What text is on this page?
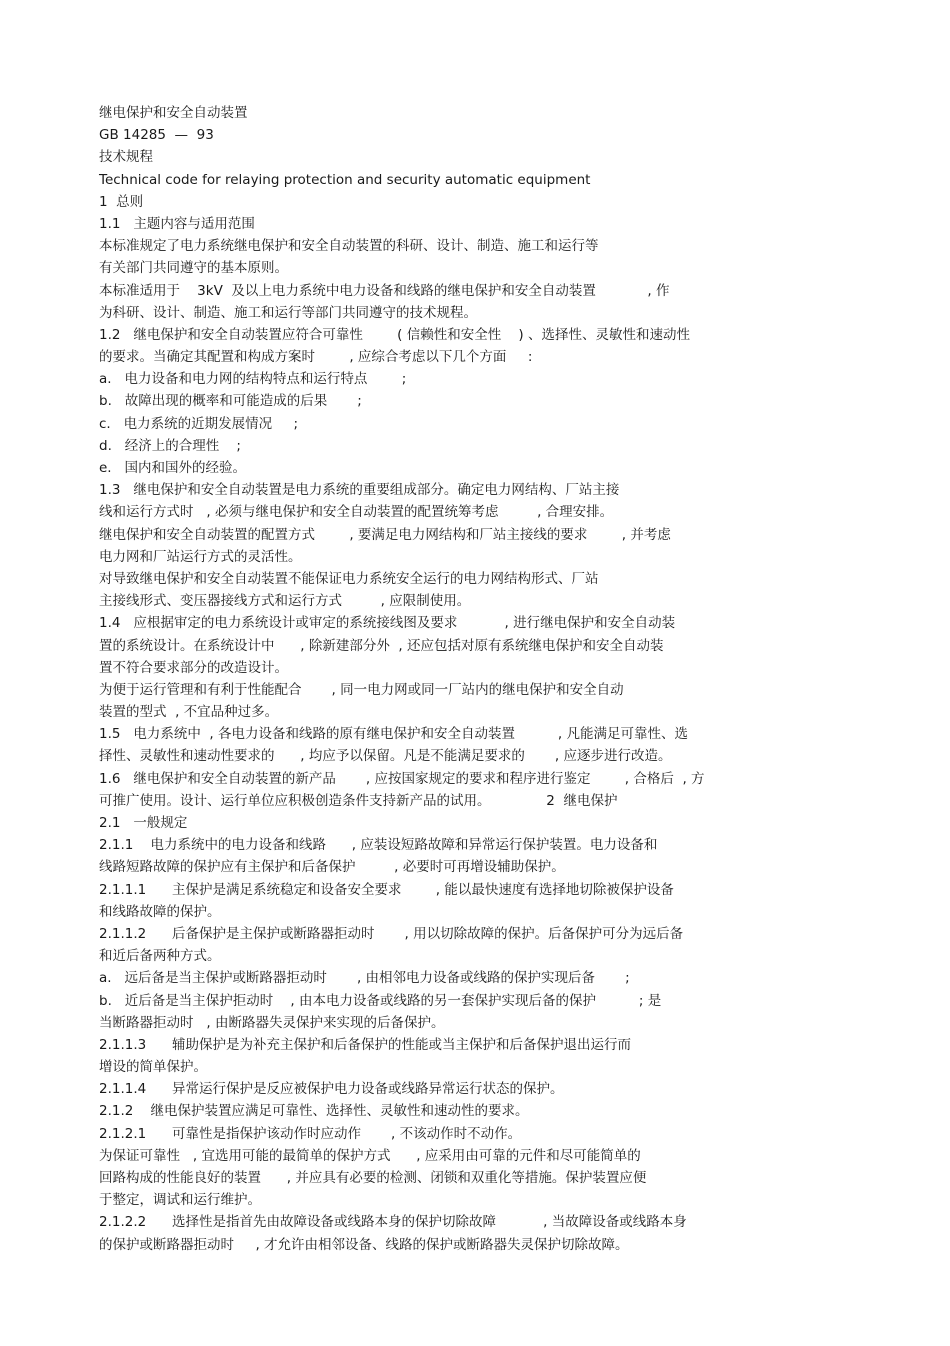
继电保护和安全自动装置
GB 14285  —  93
技术规程
Technical code for relaying protection and security automatic equipment
1  总则
1.1   主题内容与适用范围
本标准规定了电力系统继电保护和安全自动装置的科研、设计、制造、施工和运行等
有关部门共同遵守的基本原则。
本标准适用于    3kV  及以上电力系统中电力设备和线路的继电保护和安全自动装置            , 作
为科研、设计、制造、施工和运行等部门共同遵守的技术规程。
1.2   继电保护和安全自动装置应符合可靠性        ( 信赖性和安全性    ) 、选择性、灵敏性和速动性
的要求。当确定其配置和构成方案时        , 应综合考虑以下几个方面     :
a.   电力设备和电力网的结构特点和运行特点        ;
b.   故障出现的概率和可能造成的后果       ;
c.   电力系统的近期发展情况     ;
d.   经济上的合理性    ;
e.   国内和国外的经验。
1.3   继电保护和安全自动装置是电力系统的重要组成部分。确定电力网结构、厂站主接
线和运行方式时   , 必须与继电保护和安全自动装置的配置统筹考虑         , 合理安排。
继电保护和安全自动装置的配置方式        , 要满足电力网结构和厂站主接线的要求        , 并考虑
电力网和厂站运行方式的灵活性。
对导致继电保护和安全自动装置不能保证电力系统安全运行的电力网结构形式、厂站
主接线形式、变压器接线方式和运行方式         , 应限制使用。
1.4   应根据审定的电力系统设计或审定的系统接线图及要求           , 进行继电保护和安全自动装
置的系统设计。在系统设计中      , 除新建部分外  , 还应包括对原有系统继电保护和安全自动装
置不符合要求部分的改造设计。
为便于运行管理和有利于性能配合       , 同一电力网或同一厂站内的继电保护和安全自动
装置的型式  , 不宜品种过多。
1.5   电力系统中  , 各电力设备和线路的原有继电保护和安全自动装置          , 凡能满足可靠性、选
择性、灵敏性和速动性要求的      , 均应予以保留。凡是不能满足要求的       , 应逐步进行改造。
1.6   继电保护和安全自动装置的新产品       , 应按国家规定的要求和程序进行鉴定        , 合格后  , 方
可推广使用。设计、运行单位应积极创造条件支持新产品的试用。             2  继电保护
2.1   一般规定
2.1.1    电力系统中的电力设备和线路      , 应装设短路故障和异常运行保护装置。电力设备和
线路短路故障的保护应有主保护和后备保护         , 必要时可再增设辅助保护。
2.1.1.1      主保护是满足系统稳定和设备安全要求        , 能以最快速度有选择地切除被保护设备
和线路故障的保护。
2.1.1.2      后备保护是主保护或断路器拒动时       , 用以切除故障的保护。后备保护可分为远后备
和近后备两种方式。
a.   远后备是当主保护或断路器拒动时       , 由相邻电力设备或线路的保护实现后备       ;
b.   近后备是当主保护拒动时    , 由本电力设备或线路的另一套保护实现后备的保护          ; 是
当断路器拒动时   , 由断路器失灵保护来实现的后备保护。
2.1.1.3      辅助保护是为补充主保护和后备保护的性能或当主保护和后备保护退出运行而
增设的简单保护。
2.1.1.4      异常运行保护是反应被保护电力设备或线路异常运行状态的保护。
2.1.2    继电保护装置应满足可靠性、选择性、灵敏性和速动性的要求。
2.1.2.1      可靠性是指保护该动作时应动作       , 不该动作时不动作。
为保证可靠性   , 宜选用可能的最简单的保护方式      , 应采用由可靠的元件和尽可能简单的
回路构成的性能良好的装置      , 并应具有必要的检测、闭锁和双重化等措施。保护装置应便
于整定，调试和运行维护。
2.1.2.2      选择性是指首先由故障设备或线路本身的保护切除故障           , 当故障设备或线路本身
的保护或断路器拒动时     , 才允许由相邻设备、线路的保护或断路器失灵保护切除故障。
